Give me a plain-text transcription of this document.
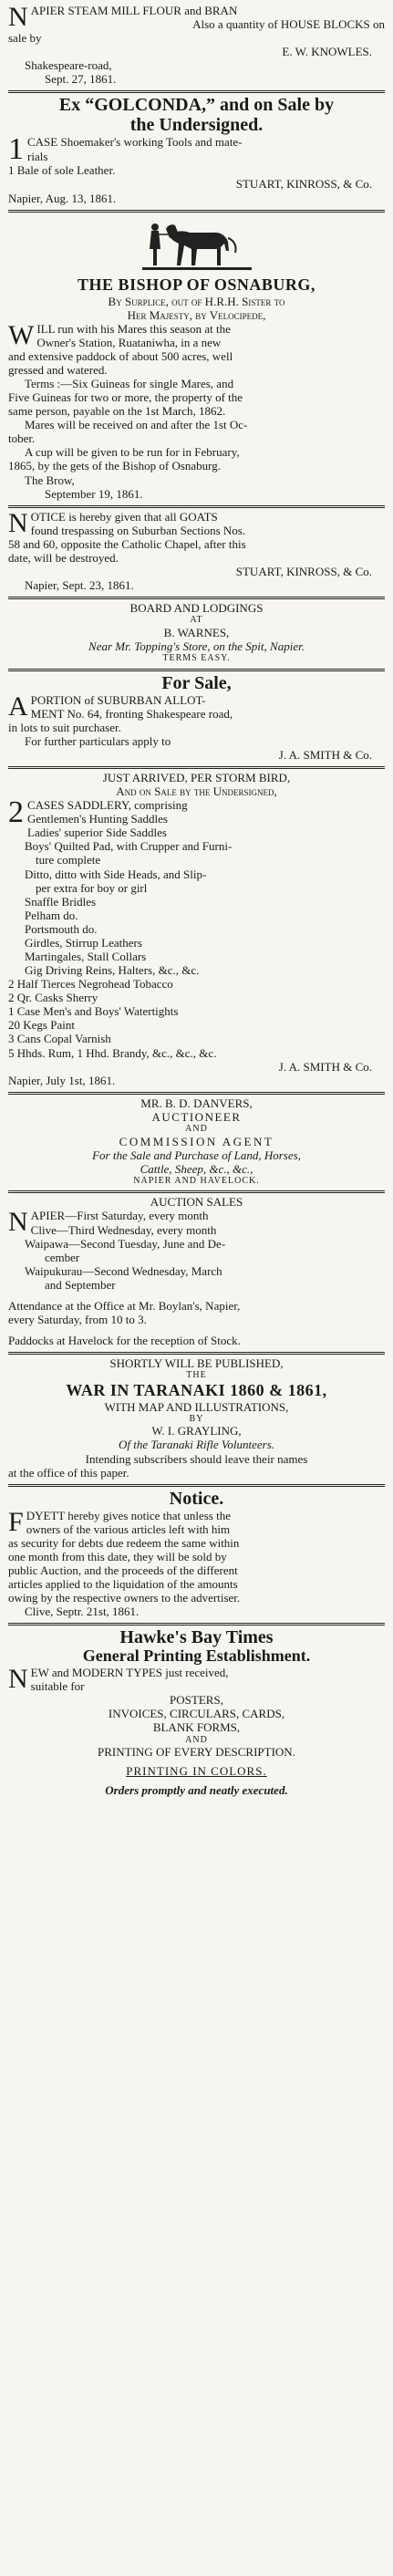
NAPIER STEAM MILL FLOUR and BRAN

Also a quantity of HOUSE BLOCKS on

sale by

E. W. KNOWLES.

Shakespeare-road,

Sept. 27, 1861.

Ex “GOLCONDA,” and on Sale by

the Undersigned.

1 CASE Shoemaker's working Tools and mate-

rials

1 Bale of sole Leather.

STUART, KINROSS, & Co.

Napier, Aug. 13, 1861.

THE BISHOP OF OSNABURG,

By Surplice, out of H.R.H. Sister to

Her Majesty, by Velocipede,

WILL run with his Mares this season at the

Owner's Station, Ruataniwha, in a new

and extensive paddock of about 500 acres, well

gressed and watered.

Terms :—Six Guineas for single Mares, and

Five Guineas for two or more, the property of the

same person, payable on the 1st March, 1862.

Mares will be received on and after the 1st Oc-

tober.

A cup will be given to be run for in February,

1865, by the gets of the Bishop of Osnaburg.

The Brow,

September 19, 1861.

NOTICE is hereby given that all GOATS

found trespassing on Suburban Sections Nos.

58 and 60, opposite the Catholic Chapel, after this

date, will be destroyed.

STUART, KINROSS, & Co.

Napier, Sept. 23, 1861.

BOARD AND LODGINGS

AT

B. WARNES,

Near Mr. Topping's Store, on the Spit, Napier.

TERMS EASY.

For Sale,

APORTION of SUBURBAN ALLOT-

MENT No. 64, fronting Shakespeare road,

in lots to suit purchaser.

For further particulars apply to

J. A. SMITH & Co.

JUST ARRIVED, PER STORM BIRD,

And on Sale by the Undersigned,

2 CASES SADDLERY, comprising

Gentlemen's Hunting Saddles

Ladies' superior Side Saddles

Boys' Quilted Pad, with Crupper and Furni-

ture complete

Ditto, ditto with Side Heads, and Slip-

per extra for boy or girl

Snaffle Bridles

Pelham do.

Portsmouth do.

Girdles, Stirrup Leathers

Martingales, Stall Collars

Gig Driving Reins, Halters, &c., &c.

2 Half Tierces Negrohead Tobacco

2 Qr. Casks Sherry

1 Case Men's and Boys' Watertights

20 Kegs Paint

3 Cans Copal Varnish

5 Hhds. Rum, 1 Hhd. Brandy, &c., &c., &c.

J. A. SMITH & Co.

Napier, July 1st, 1861.

MR. B. D. DANVERS,

AUCTIONEER

AND

COMMISSION AGENT

For the Sale and Purchase of Land, Horses,

Cattle, Sheep, &c., &c.,

NAPIER AND HAVELOCK.

AUCTION SALES

NAPIER—First Saturday, every month

Clive—Third Wednesday, every month

Waipawa—Second Tuesday, June and De-

cember

Waipukurau—Second Wednesday, March

and September

Attendance at the Office at Mr. Boylan's, Napier,

every Saturday, from 10 to 3.

Paddocks at Havelock for the reception of Stock.

SHORTLY WILL BE PUBLISHED,

THE

WAR IN TARANAKI 1860 & 1861,

WITH MAP AND ILLUSTRATIONS,

BY

W. I. GRAYLING,

Of the Taranaki Rifle Volunteers.

Intending subscribers should leave their names

at the office of this paper.

Notice.

FDYETT hereby gives notice that unless the

owners of the various articles left with him

as security for debts due redeem the same within

one month from this date, they will be sold by

public Auction, and the proceeds of the different

articles applied to the liquidation of the amounts

owing by the respective owners to the advertiser.

Clive, Septr. 21st, 1861.

Hawke's Bay Times

General Printing Establishment.

NEW and MODERN TYPES just received,

suitable for

POSTERS,

INVOICES, CIRCULARS, CARDS,

BLANK FORMS,

AND

PRINTING OF EVERY DESCRIPTION.

PRINTING IN COLORS.

Orders promptly and neatly executed.
